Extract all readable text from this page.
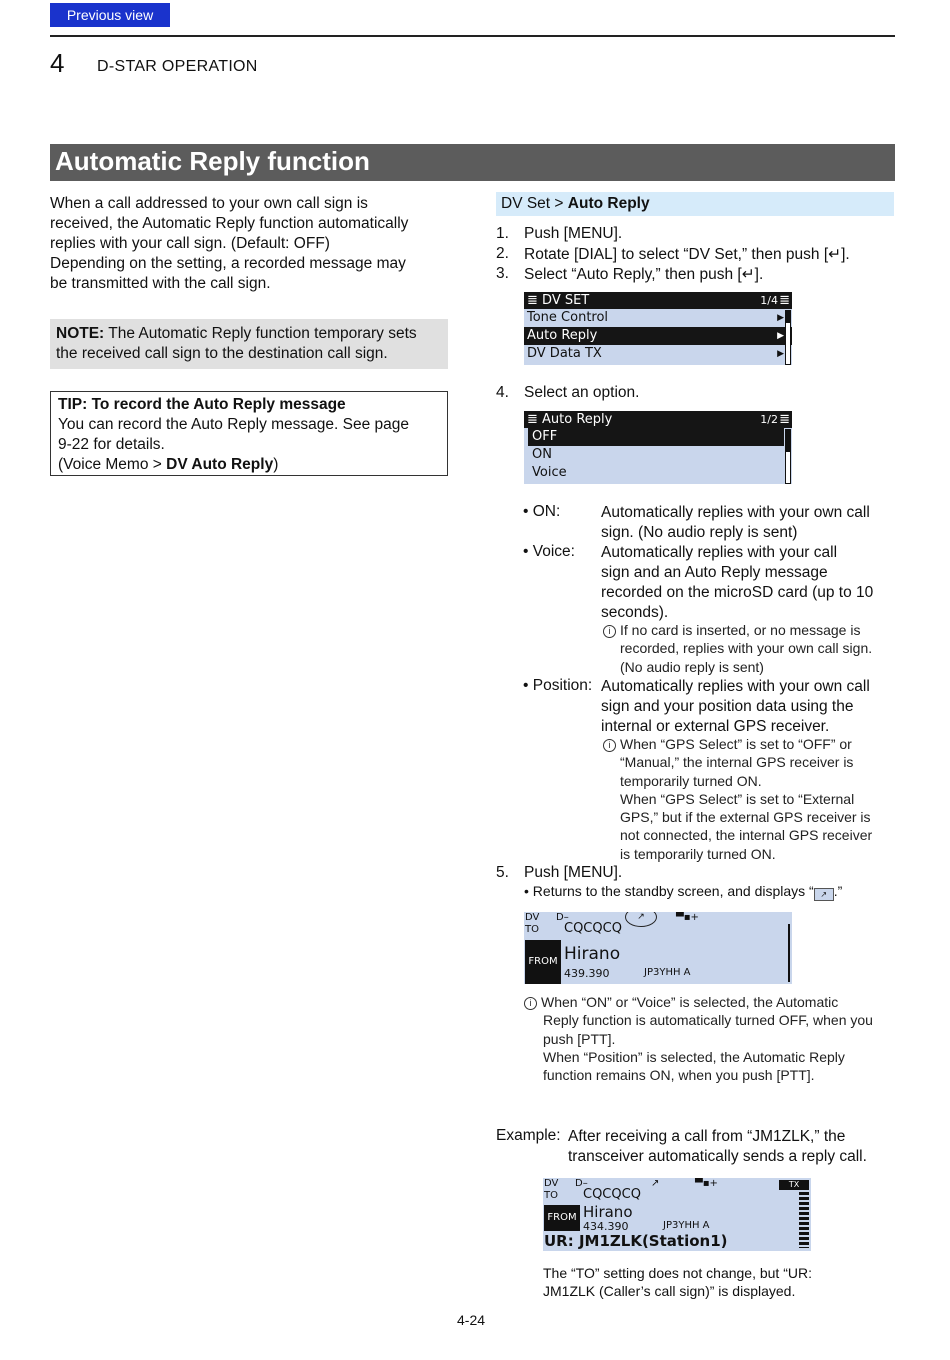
Previous view
4 D-STAR OPERATION
Automatic Reply function
When a call addressed to your own call sign is
received, the Automatic Reply function automatically
replies with your call sign. (Default: OFF)
Depending on the setting, a recorded message may
be transmitted with the call sign.
NOTE: The Automatic Reply function temporary sets
the received call sign to the destination call sign.
TIP: To record the Auto Reply message
You can record the Auto Reply message. See page
9-22 for details.
(Voice Memo > DV Auto Reply)
DV Set > Auto Reply
1. Push [MENU].
2. Rotate [DIAL] to select “DV Set,” then push [↵].
3. Select “Auto Reply,” then push [↵].
≣ DV SET	1/4 ≣
Tone Control	▶
Auto Reply	▶
DV Data TX	▶
4. Select an option.
≣ Auto Reply	1/2 ≣
OFF
ON
Voice
• ON:	Automatically replies with your own call
sign. (No audio reply is sent)
• Voice: Automatically replies with your call
sign and an Auto Reply message
recorded on the microSD card (up to 10
seconds).
i If no card is inserted, or no message is
recorded, replies with your own call sign.
(No audio reply is sent)
• Position: Automatically replies with your own call
sign and your position data using the
internal or external GPS receiver.
i When “GPS Select” is set to “OFF” or
“Manual,” the internal GPS receiver is
temporarily turned ON.
When “GPS Select” is set to “External
GPS,” but if the external GPS receiver is
not connected, the internal GPS receiver
is temporarily turned ON.
5. Push [MENU].
• Returns to the standby screen, and displays “ ↗ .”
DV D–	↗	▀▪+
TO CQCQCQ
FROM Hirano
439.390	JP3YHH A
i When “ON” or “Voice” is selected, the Automatic
Reply function is automatically turned OFF, when you
push [PTT].
When “Position” is selected, the Automatic Reply
function remains ON, when you push [PTT].
Example: After receiving a call from “JM1ZLK,” the
transceiver automatically sends a reply call.
DV D–	↗	▀▪+	TX
TO CQCQCQ
FROM Hirano
434.390	JP3YHH A
UR: JM1ZLK(Station1)
The “TO” setting does not change, but “UR:
JM1ZLK (Caller’s call sign)” is displayed.
4-24
